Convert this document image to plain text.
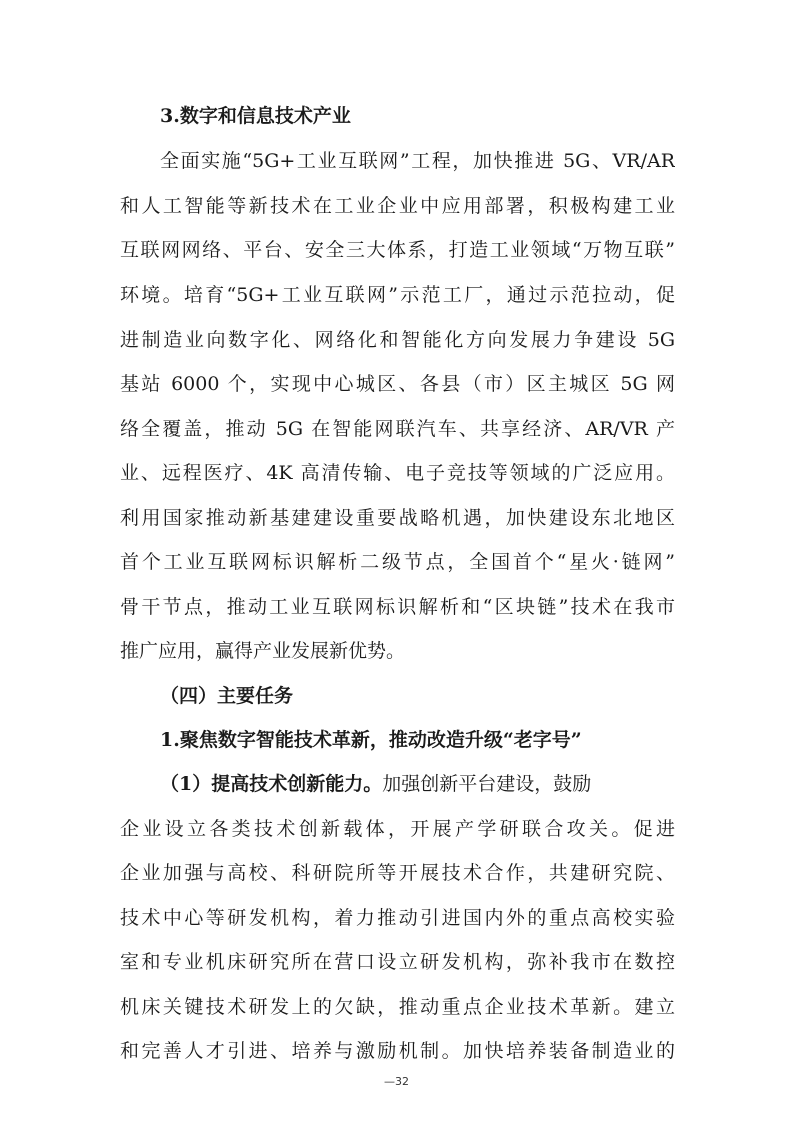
3.数字和信息技术产业
全面实施“5G+工业互联网”工程，加快推进 5G、VR/AR
和人工智能等新技术在工业企业中应用部署，积极构建工业
互联网网络、平台、安全三大体系，打造工业领域“万物互联”
环境。培育“5G+工业互联网”示范工厂，通过示范拉动，促
进制造业向数字化、网络化和智能化方向发展力争建设 5G
基站 6000 个，实现中心城区、各县（市）区主城区 5G 网
络全覆盖，推动 5G 在智能网联汽车、共享经济、AR/VR 产
业、远程医疗、4K 高清传输、电子竞技等领域的广泛应用。
利用国家推动新基建建设重要战略机遇，加快建设东北地区
首个工业互联网标识解析二级节点，全国首个“星火·链网”
骨干节点，推动工业互联网标识解析和“区块链”技术在我市
推广应用，赢得产业发展新优势。
（四）主要任务
1.聚焦数字智能技术革新，推动改造升级“老字号”
（1）提高技术创新能力。加强创新平台建设，鼓励
企业设立各类技术创新载体，开展产学研联合攻关。促进
企业加强与高校、科研院所等开展技术合作，共建研究院、
技术中心等研发机构，着力推动引进国内外的重点高校实验
室和专业机床研究所在营口设立研发机构，弥补我市在数控
机床关键技术研发上的欠缺，推动重点企业技术革新。建立
和完善人才引进、培养与激励机制。加快培养装备制造业的
—32
